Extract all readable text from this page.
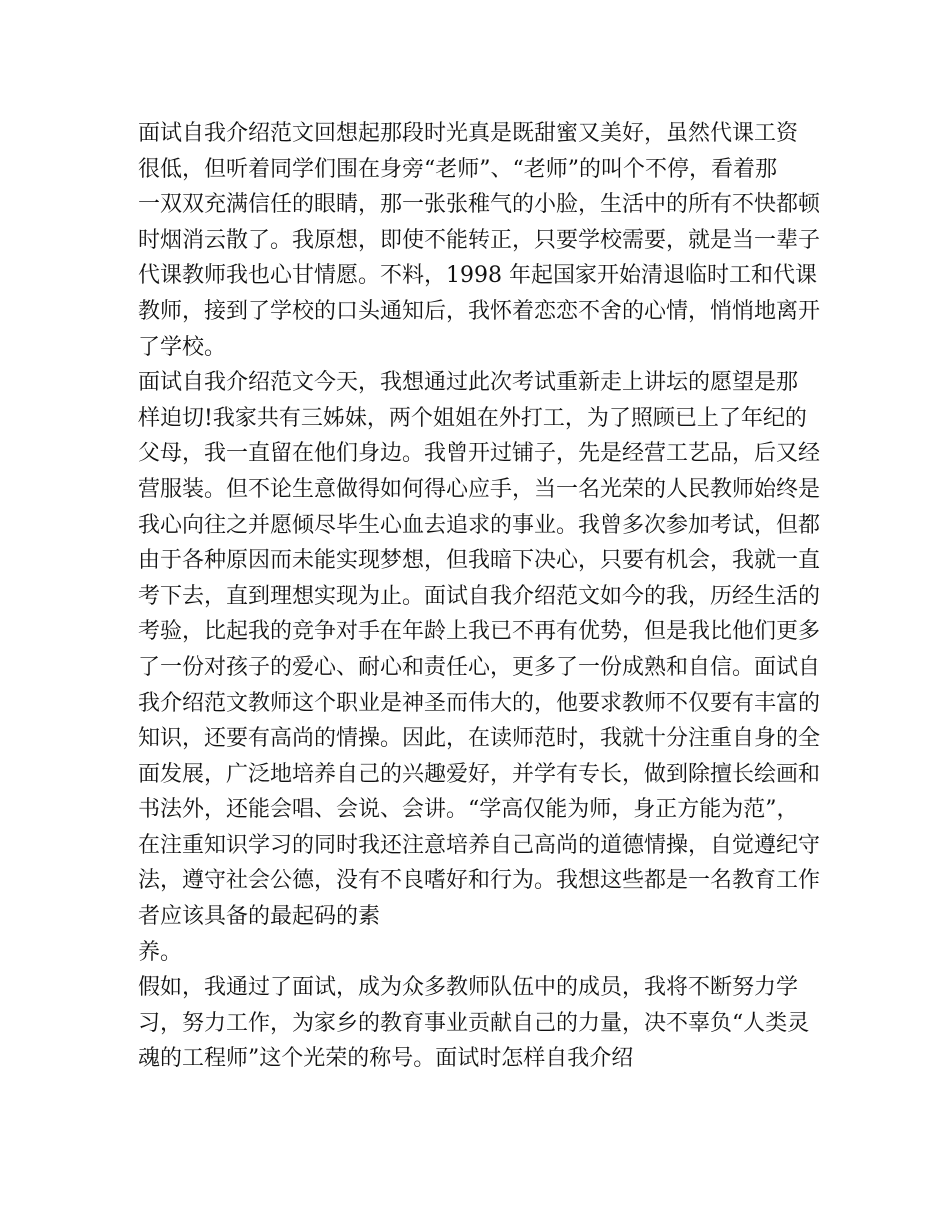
面试自我介绍范文回想起那段时光真是既甜蜜又美好，虽然代课工资
很低，但听着同学们围在身旁“老师”、“老师”的叫个不停，看着那
一双双充满信任的眼睛，那一张张稚气的小脸，生活中的所有不快都顿
时烟消云散了。我原想，即使不能转正，只要学校需要，就是当一辈子
代课教师我也心甘情愿。不料，1998 年起国家开始清退临时工和代课
教师，接到了学校的口头通知后，我怀着恋恋不舍的心情，悄悄地离开
了学校。
面试自我介绍范文今天，我想通过此次考试重新走上讲坛的愿望是那
样迫切!我家共有三姊妹，两个姐姐在外打工，为了照顾已上了年纪的
父母，我一直留在他们身边。我曾开过铺子，先是经营工艺品，后又经
营服装。但不论生意做得如何得心应手，当一名光荣的人民教师始终是
我心向往之并愿倾尽毕生心血去追求的事业。我曾多次参加考试，但都
由于各种原因而未能实现梦想，但我暗下决心，只要有机会，我就一直
考下去，直到理想实现为止。面试自我介绍范文如今的我，历经生活的
考验，比起我的竞争对手在年龄上我已不再有优势，但是我比他们更多
了一份对孩子的爱心、耐心和责任心，更多了一份成熟和自信。面试自
我介绍范文教师这个职业是神圣而伟大的，他要求教师不仅要有丰富的
知识，还要有高尚的情操。因此，在读师范时，我就十分注重自身的全
面发展，广泛地培养自己的兴趣爱好，并学有专长，做到除擅长绘画和
书法外，还能会唱、会说、会讲。“学高仅能为师，身正方能为范”，
在注重知识学习的同时我还注意培养自己高尚的道德情操，自觉遵纪守
法，遵守社会公德，没有不良嗜好和行为。我想这些都是一名教育工作
者应该具备的最起码的素
养。
假如，我通过了面试，成为众多教师队伍中的成员，我将不断努力学
习，努力工作，为家乡的教育事业贡献自己的力量，决不辜负“人类灵
魂的工程师”这个光荣的称号。面试时怎样自我介绍
